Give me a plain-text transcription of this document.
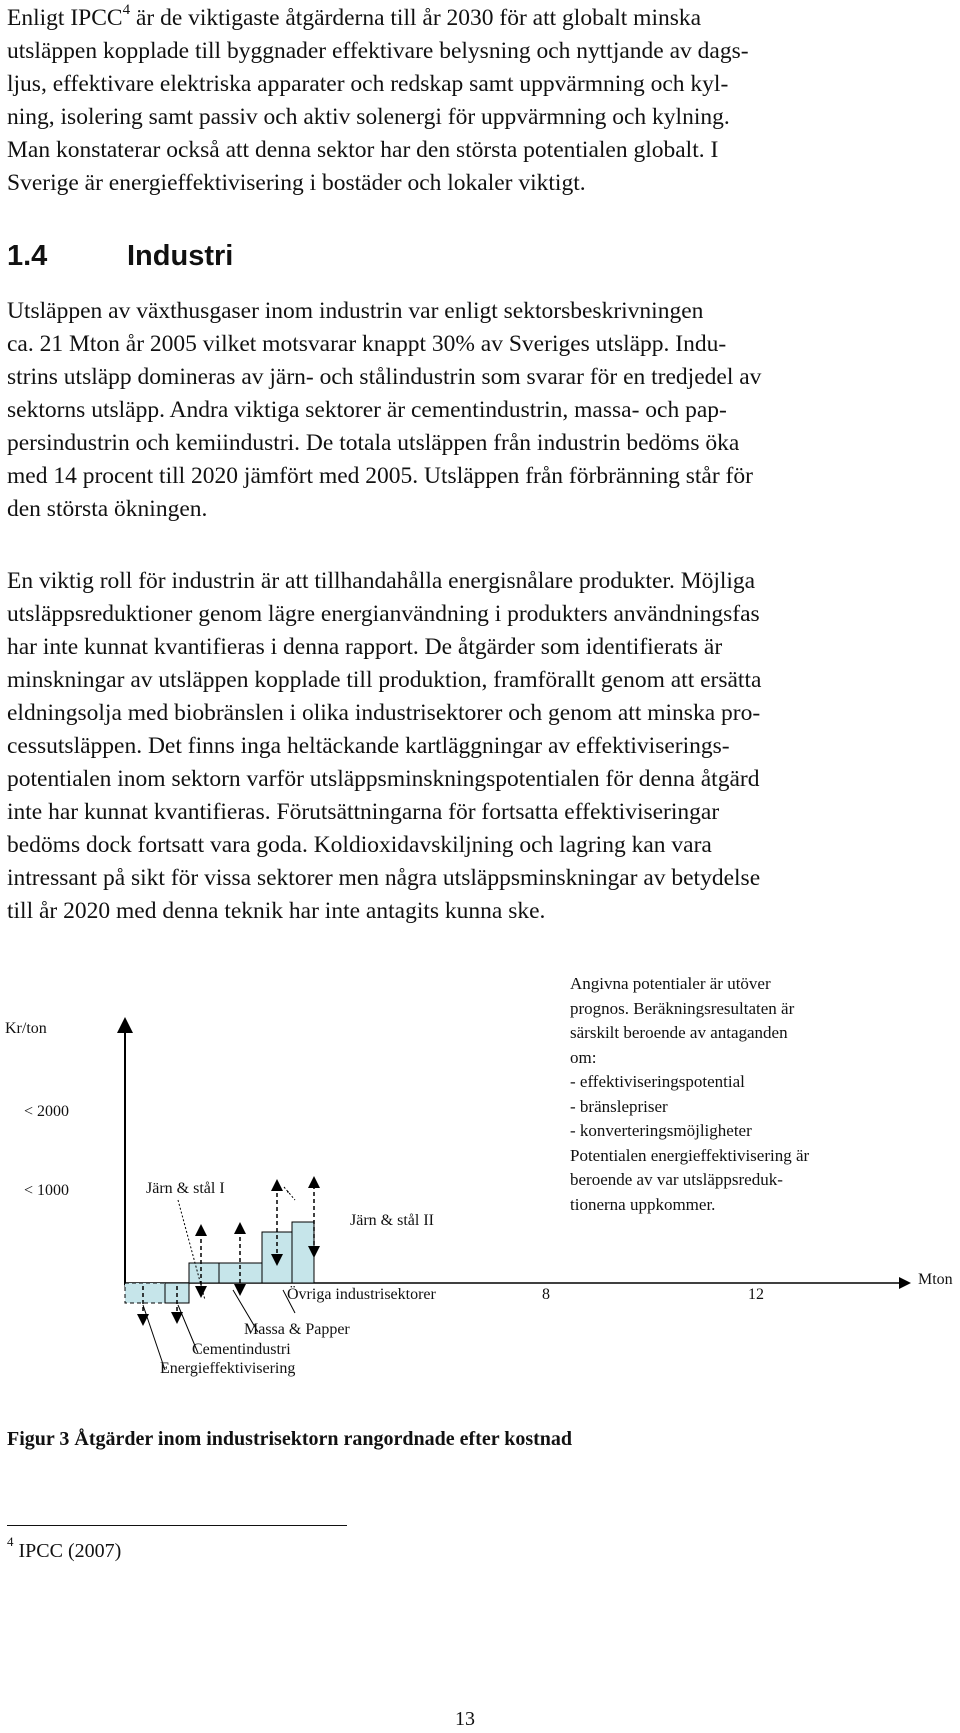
Enligt IPCC$^4$ är de viktigaste åtgärderna till år 2030 för att globalt minska
utsläppen kopplade till byggnader effektivare belysning och nyttjande av dags-
ljus, effektivare elektriska apparater och redskap samt uppvärmning och kyl-
ning, isolering samt passiv och aktiv solenergi för uppvärmning och kylning.
Man konstaterar också att denna sektor har den största potentialen globalt. I
Sverige är energieffektivisering i bostäder och lokaler viktigt.
1.4	Industri
Utsläppen av växthusgaser inom industrin var enligt sektorsbeskrivningen
ca. 21 Mton år 2005 vilket motsvarar knappt 30% av Sveriges utsläpp. Indu-
strins utsläpp domineras av järn- och stålindustrin som svarar för en tredjedel av
sektorns utsläpp. Andra viktiga sektorer är cementindustrin, massa- och pap-
persindustrin och kemiindustri. De totala utsläppen från industrin bedöms öka
med 14 procent till 2020 jämfört med 2005. Utsläppen från förbränning står för
den största ökningen.
En viktig roll för industrin är att tillhandahålla energisnålare produkter. Möjliga
utsläppsreduktioner genom lägre energianvändning i produkters användningsfas
har inte kunnat kvantifieras i denna rapport. De åtgärder som identifierats är
minskningar av utsläppen kopplade till produktion, framförallt genom att ersätta
eldningsolja med biobränslen i olika industrisektorer och genom att minska pro-
cessutsläppen. Det finns inga heltäckande kartläggningar av effektiviserings-
potentialen inom sektorn varför utsläppsminskningspotentialen för denna åtgärd
inte har kunnat kvantifieras. Förutsättningarna för fortsatta effektiviseringar
bedöms dock fortsatt vara goda. Koldioxidavskiljning och lagring kan vara
intressant på sikt för vissa sektorer men några utsläppsminskningar av betydelse
till år 2020 med denna teknik har inte antagits kunna ske.
Kr/ton
< 2000
< 1000
Mton
8	12
Järn & stål I
Järn & stål II
Övriga industrisektorer
Massa & Papper
Cementindustri
Energieffektivisering
Angivna potentialer är utöver
prognos. Beräkningsresultaten är
särskilt beroende av antaganden
om:
- effektiviseringspotential
- bränslepriser
- konverteringsmöjligheter
Potentialen energieffektivisering är
beroende av var utsläppsreduk-
tionerna uppkommer.

Figur 3 Åtgärder inom industrisektorn rangordnade efter kostnad

$^4$ IPCC (2007)

13
